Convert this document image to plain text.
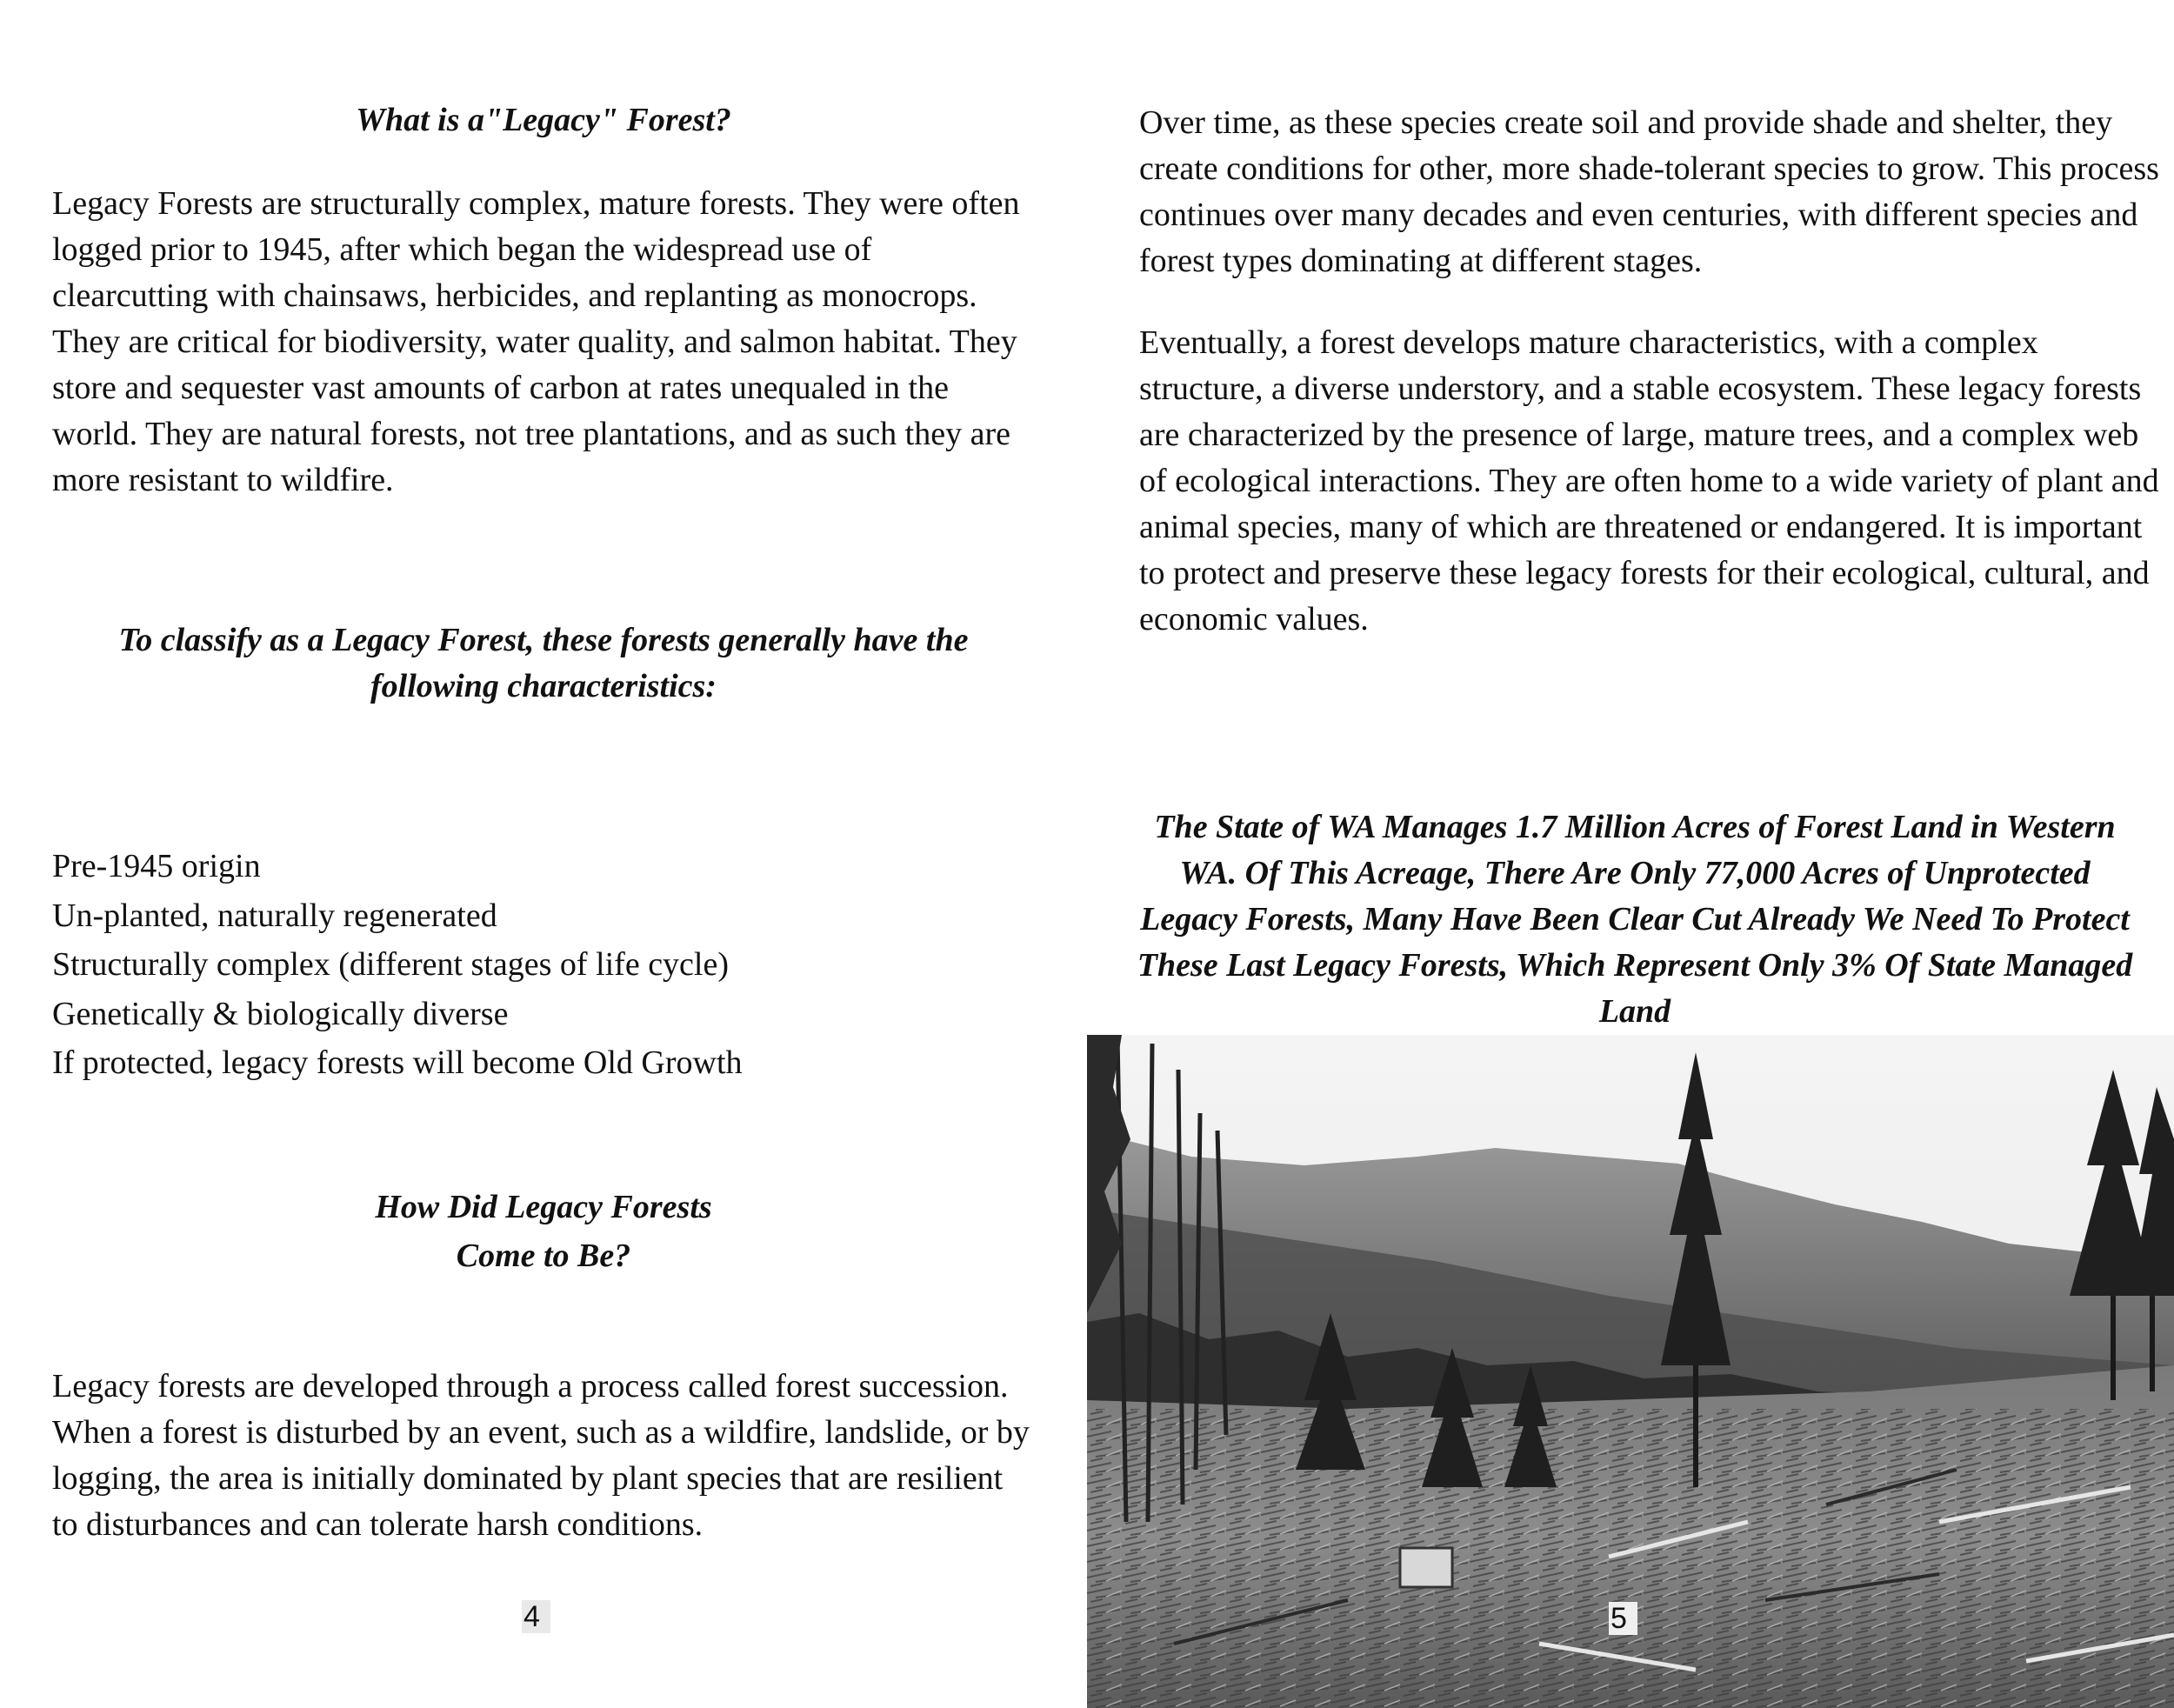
What is a"Legacy" Forest?

Legacy Forests are structurally complex, mature forests. They were often logged prior to 1945, after which began the widespread use of clearcutting with chainsaws, herbicides, and replanting as monocrops. They are critical for biodiversity, water quality, and salmon habitat. They store and sequester vast amounts of carbon at rates unequaled in the world. They are natural forests, not tree plantations, and as such they are more resistant to wildfire.

To classify as a Legacy Forest, these forests generally have the following characteristics:
Pre-1945 origin
Un-planted, naturally regenerated
Structurally complex (different stages of life cycle)
Genetically & biologically diverse
If protected, legacy forests will become Old Growth
How Did Legacy Forests
Come to Be?

Legacy forests are developed through a process called forest succession. When a forest is disturbed by an event, such as a wildfire, landslide, or by logging, the area is initially dominated by plant species that are resilient to disturbances and can tolerate harsh conditions.

4

Over time, as these species create soil and provide shade and shelter, they create conditions for other, more shade-tolerant species to grow. This process continues over many decades and even centuries, with different species and forest types dominating at different stages.

Eventually, a forest develops mature characteristics, with a complex structure, a diverse understory, and a stable ecosystem. These legacy forests are characterized by the presence of large, mature trees, and a complex web of ecological interactions. They are often home to a wide variety of plant and animal species, many of which are threatened or endangered. It is important to protect and preserve these legacy forests for their ecological, cultural, and economic values.

The State of WA Manages 1.7 Million Acres of Forest Land in Western WA. Of This Acreage, There Are Only 77,000 Acres of Unprotected Legacy Forests, Many Have Been Clear Cut Already We Need To Protect These Last Legacy Forests, Which Represent Only 3% Of State Managed Land
5
